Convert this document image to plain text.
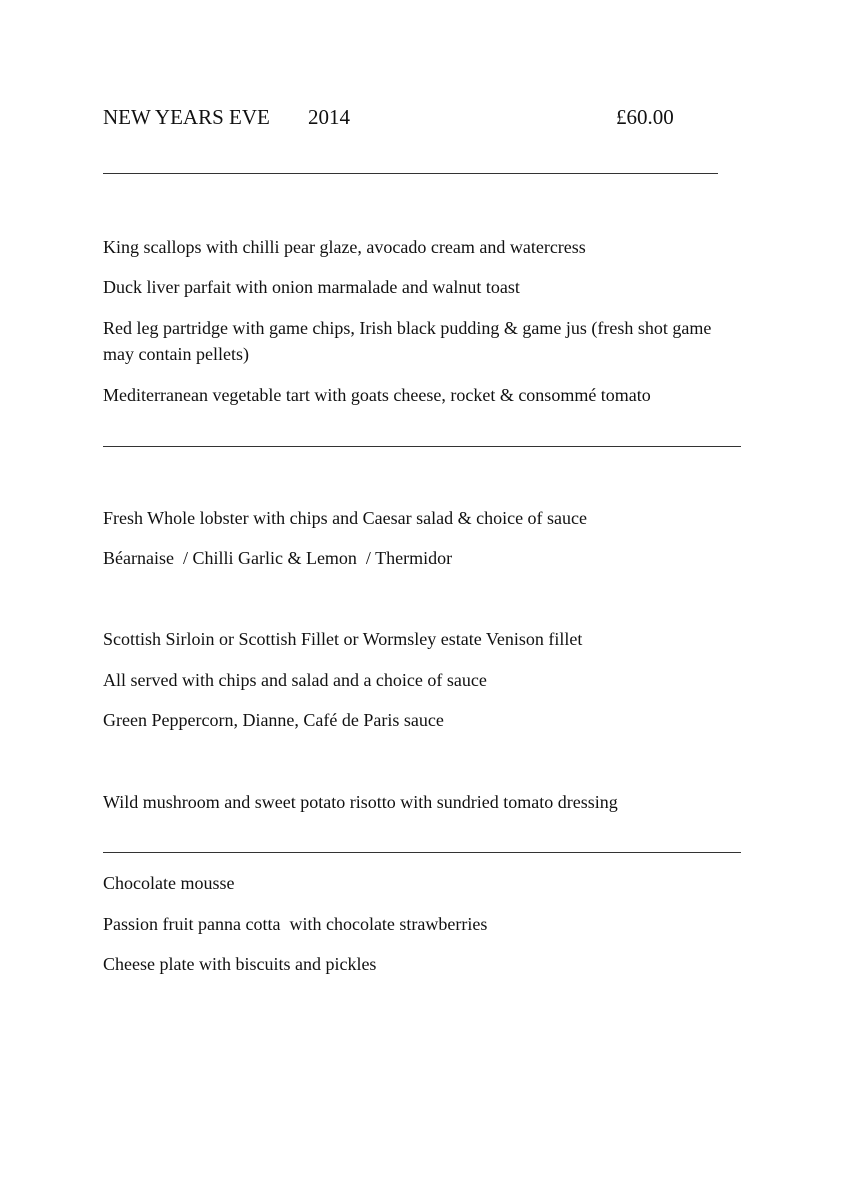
NEW YEARS EVE 2014	£60.00
King scallops with chilli pear glaze, avocado cream and watercress
Duck liver parfait with onion marmalade and walnut toast
Red leg partridge with game chips, Irish black pudding & game jus (fresh shot game may contain pellets)
Mediterranean vegetable tart with goats cheese, rocket & consommé tomato
Fresh Whole lobster with chips and Caesar salad & choice of sauce
Béarnaise  / Chilli Garlic & Lemon  / Thermidor
Scottish Sirloin or Scottish Fillet or Wormsley estate Venison fillet
All served with chips and salad and a choice of sauce
Green Peppercorn, Dianne, Café de Paris sauce
Wild mushroom and sweet potato risotto with sundried tomato dressing
Chocolate mousse
Passion fruit panna cotta  with chocolate strawberries
Cheese plate with biscuits and pickles
